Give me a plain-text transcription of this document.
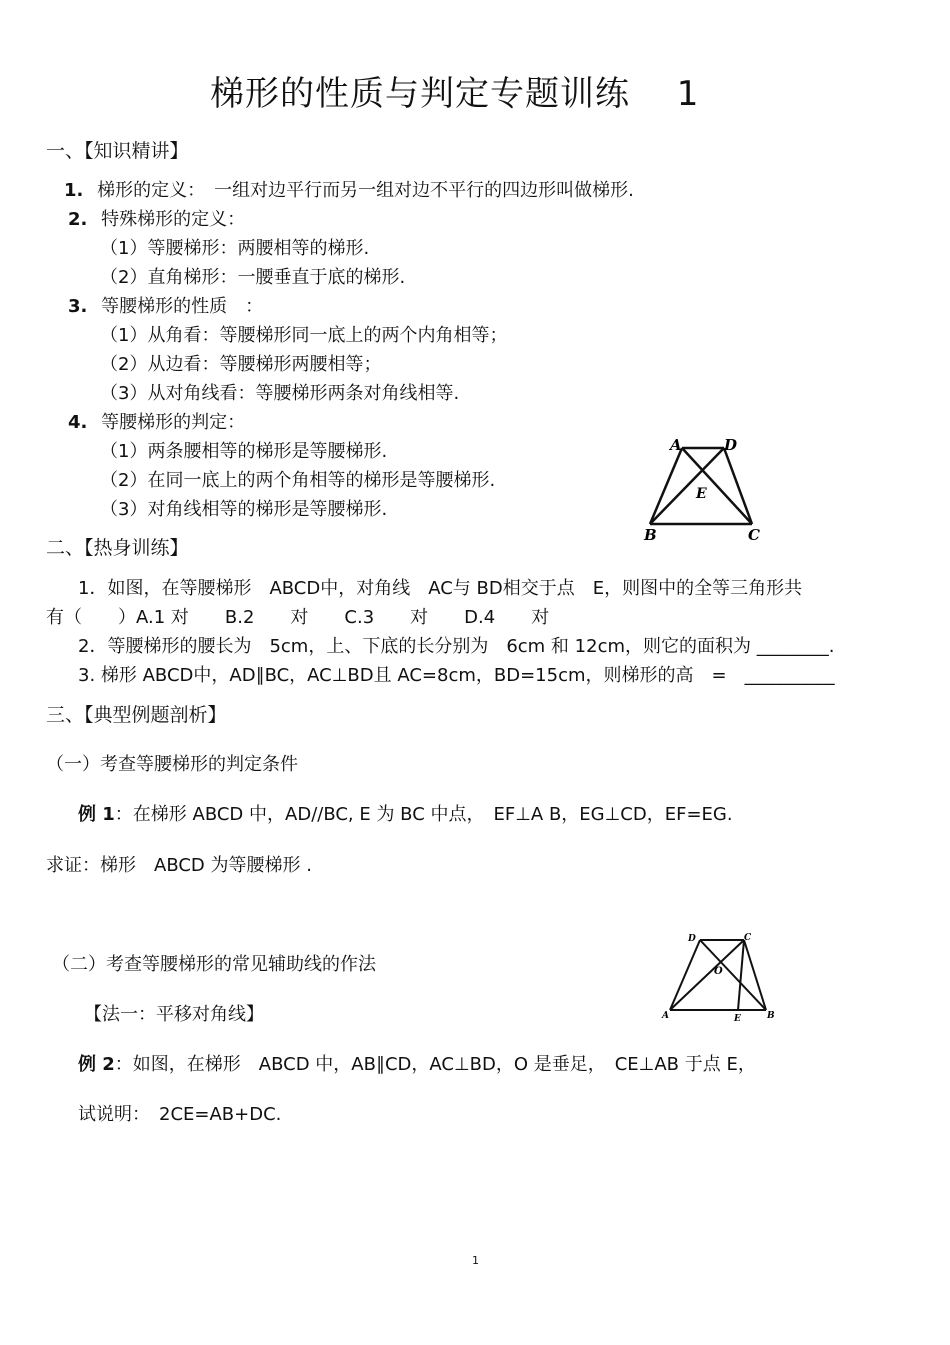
梯形的性质与判定专题训练　 1
一、【知识精讲】
1. 梯形的定义：　一组对边平行而另一组对边不平行的四边形叫做梯形.
2. 特殊梯形的定义：
（1）等腰梯形：两腰相等的梯形.
（2）直角梯形：一腰垂直于底的梯形.
3. 等腰梯形的性质　：
（1）从角看：等腰梯形同一底上的两个内角相等；
（2）从边看：等腰梯形两腰相等；
（3）从对角线看：等腰梯形两条对角线相等.
4. 等腰梯形的判定：
（1）两条腰相等的梯形是等腰梯形.
（2）在同一底上的两个角相等的梯形是等腰梯形.
（3）对角线相等的梯形是等腰梯形.
A	D
E
B	C
二、【热身训练】
1．如图，在等腰梯形　ABCD中，对角线　AC与 BD相交于点　E，则图中的全等三角形共
有（　　）A.1 对　　B.2　　对　　C.3　　对　　D.4　　对
2．等腰梯形的腰长为　5cm，上、下底的长分别为　6cm 和 12cm，则它的面积为 ________.
3. 梯形 ABCD中，AD∥BC，AC⊥BD且 AC=8cm，BD=15cm，则梯形的高　=　__________
三、【典型例题剖析】
（一）考查等腰梯形的判定条件
例 1：在梯形 ABCD 中，AD//BC, E 为 BC 中点，　EF⊥A B，EG⊥CD，EF=EG.
求证：梯形　ABCD 为等腰梯形 .
（二）考查等腰梯形的常见辅助线的作法
【法一：平移对角线】
例 2：如图，在梯形　ABCD 中，AB∥CD，AC⊥BD，O 是垂足，　CE⊥AB 于点 E，
试说明：　2CE=AB+DC.
D	C
O
A	E	B
1
